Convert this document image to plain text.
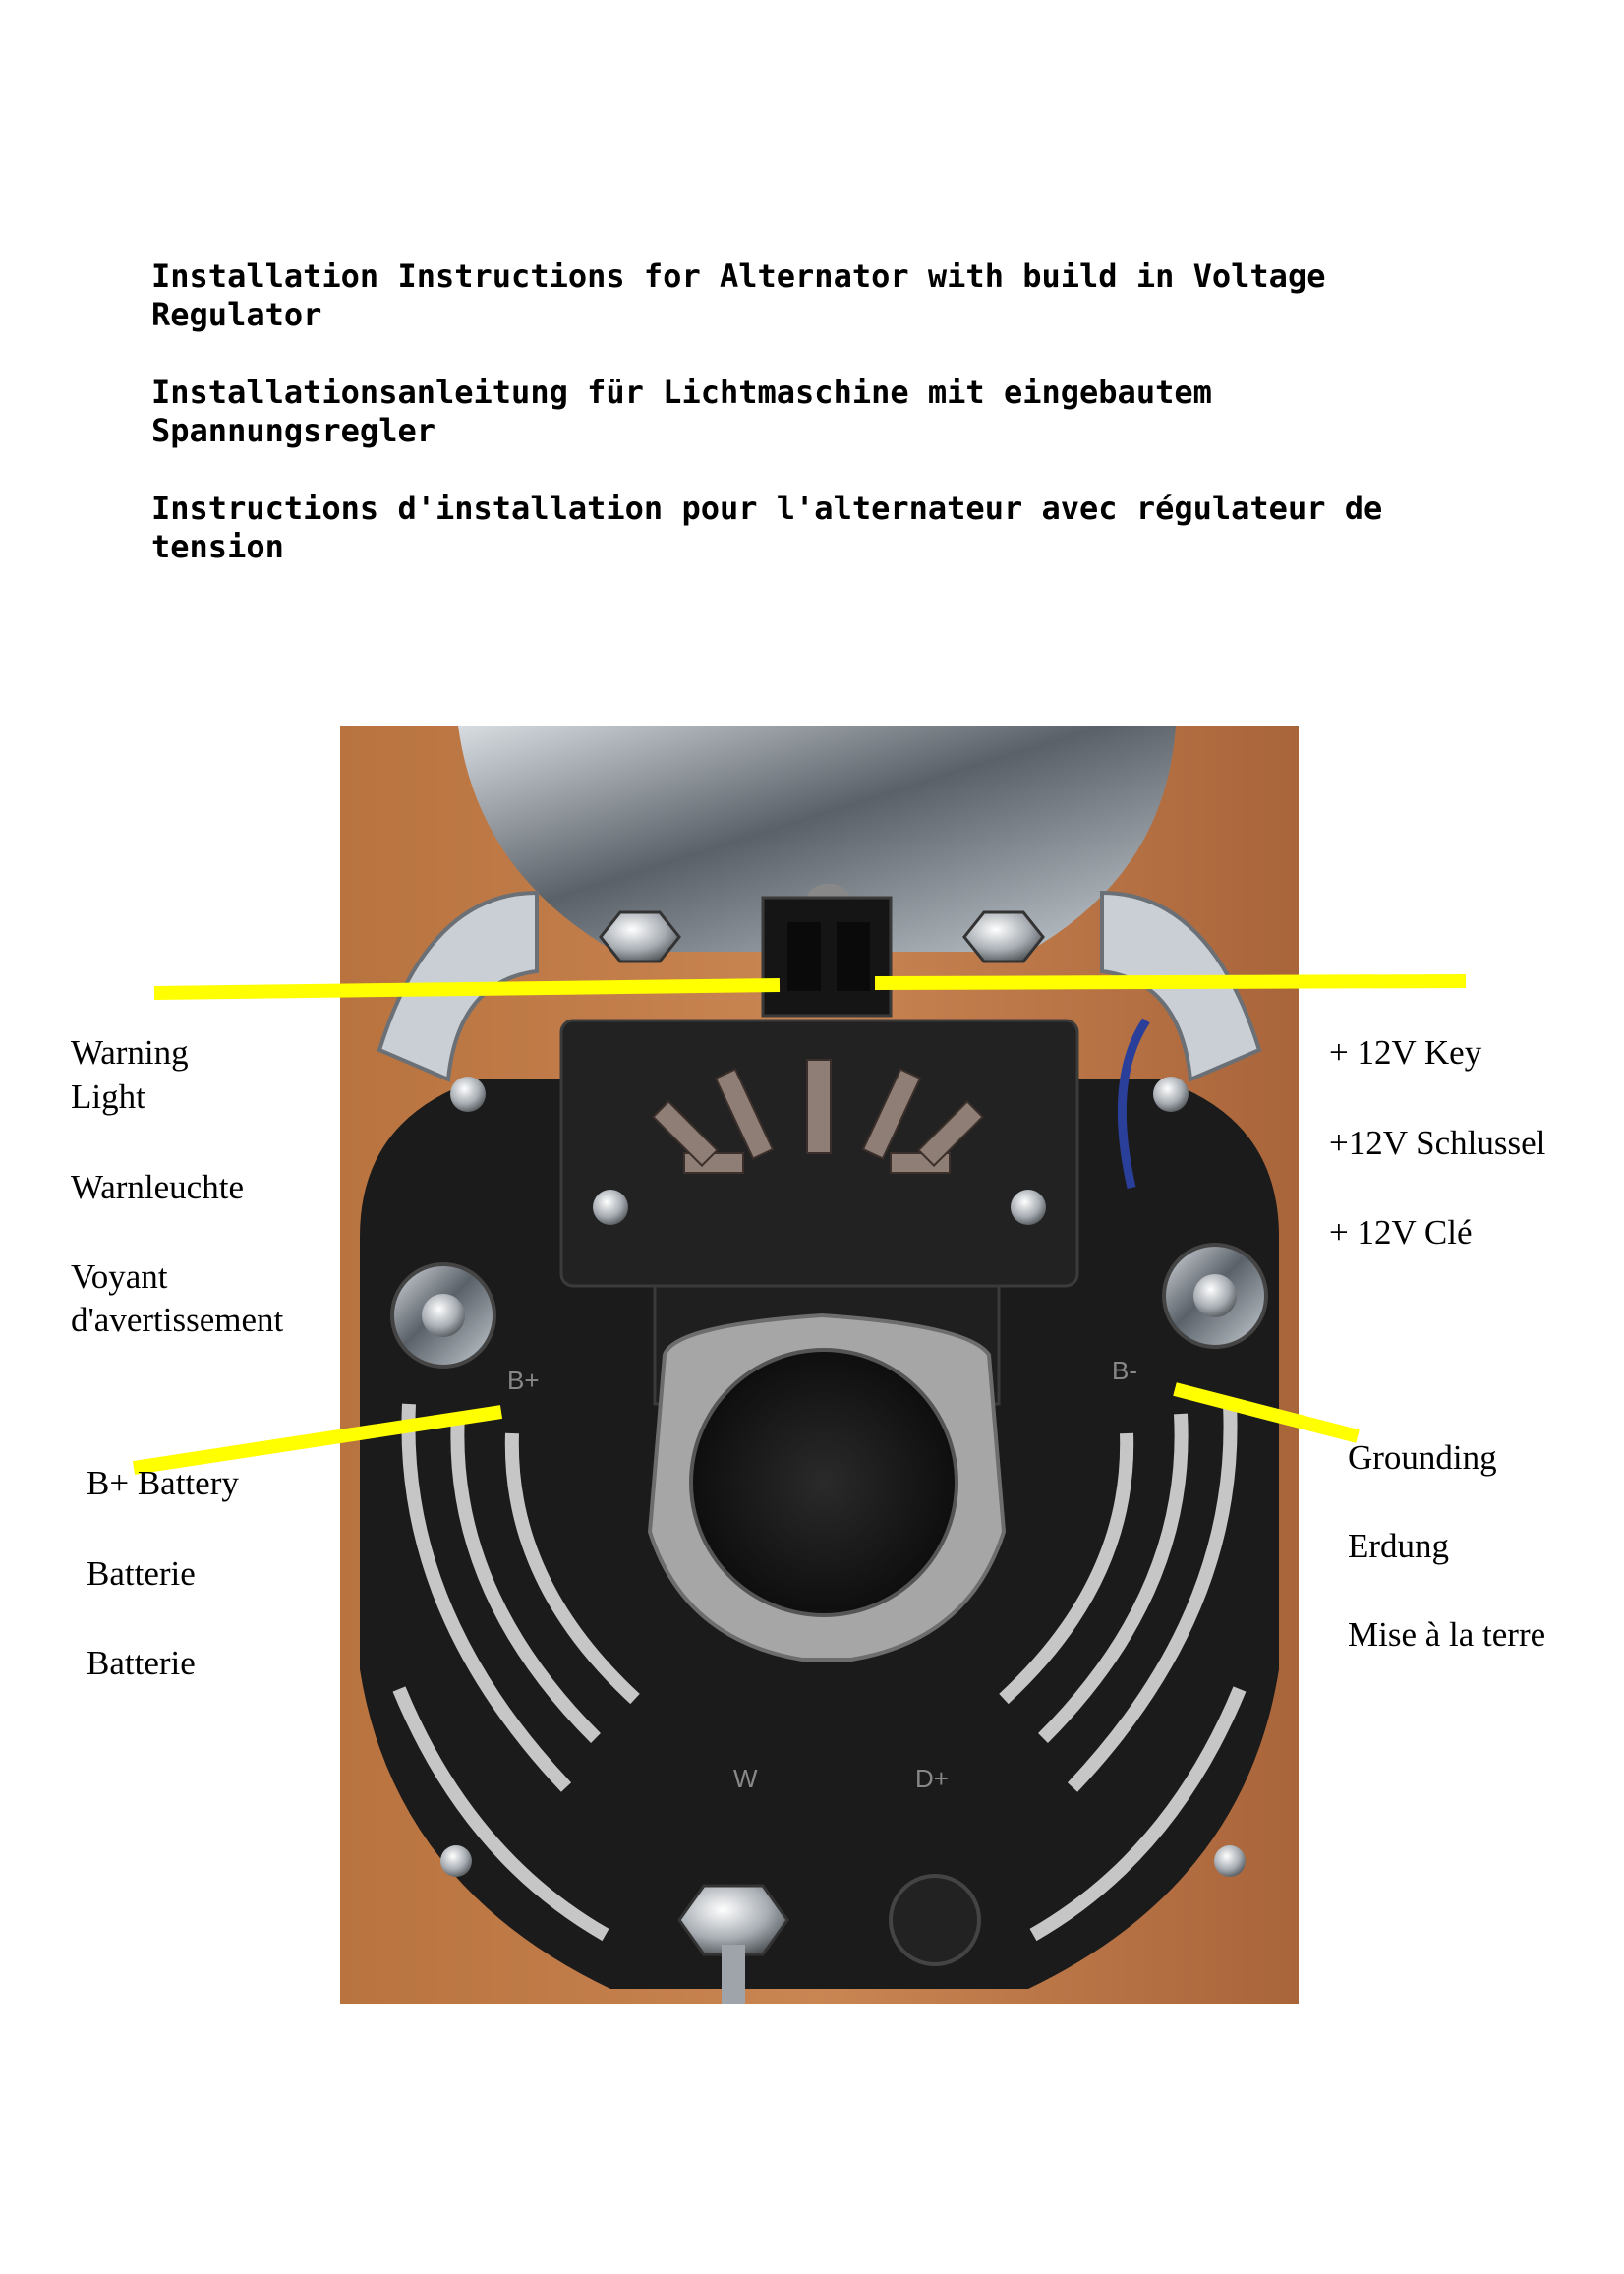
Installation Instructions for Alternator with build in Voltage
Regulator

Installationsanleitung für Lichtmaschine mit eingebautem
Spannungsregler

Instructions d'installation pour l'alternateur avec régulateur de
tension

B+	B-
W	D+
Warning
Light
Warnleuchte
Voyant
d'avertissement
B+ Battery
Batterie
Batterie
+ 12V Key
+12V Schlussel
+ 12V Clé
Grounding
Erdung
Mise à la terre
